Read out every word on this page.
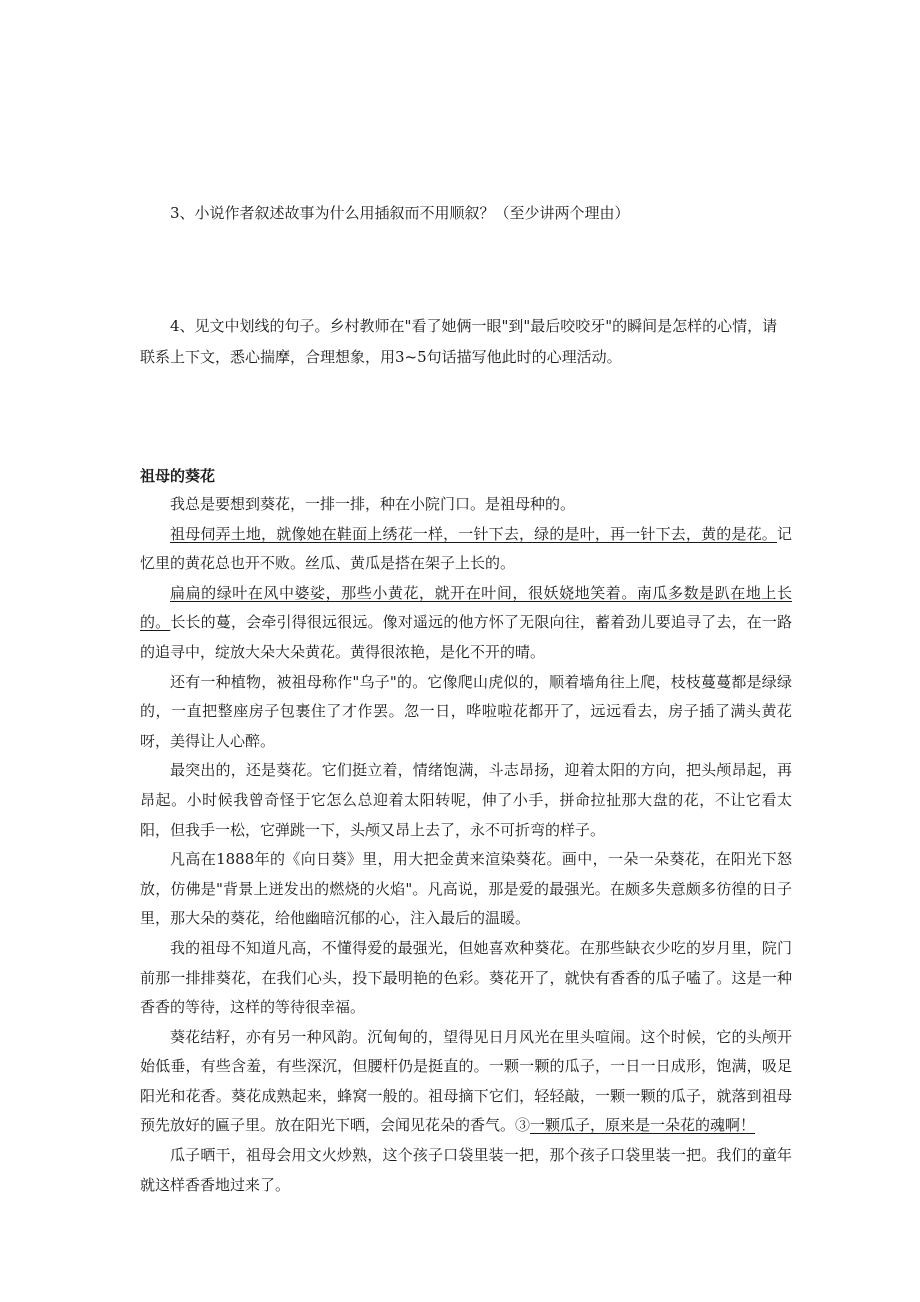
3、小说作者叙述故事为什么用插叙而不用顺叙？（至少讲两个理由）

4、见文中划线的句子。乡村教师在"看了她俩一眼"到"最后咬咬牙"的瞬间是怎样的心情，请联系上下文，悉心揣摩，合理想象，用3~5句话描写他此时的心理活动。

祖母的葵花

我总是要想到葵花，一排一排，种在小院门口。是祖母种的。

祖母伺弄土地，就像她在鞋面上绣花一样，一针下去，绿的是叶，再一针下去，黄的是花。记忆里的黄花总也开不败。丝瓜、黄瓜是搭在架子上长的。

扁扁的绿叶在风中婆娑，那些小黄花，就开在叶间，很妖娆地笑着。南瓜多数是趴在地上长的。长长的蔓，会牵引得很远很远。像对遥远的他方怀了无限向往，蓄着劲儿要追寻了去，在一路的追寻中，绽放大朵大朵黄花。黄得很浓艳，是化不开的晴。

还有一种植物，被祖母称作"乌子"的。它像爬山虎似的，顺着墙角往上爬，枝枝蔓蔓都是绿绿的，一直把整座房子包裹住了才作罢。忽一日，哗啦啦花都开了，远远看去，房子插了满头黄花呀，美得让人心醉。

最突出的，还是葵花。它们挺立着，情绪饱满，斗志昂扬，迎着太阳的方向，把头颅昂起，再昂起。小时候我曾奇怪于它怎么总迎着太阳转呢，伸了小手，拼命拉扯那大盘的花，不让它看太阳，但我手一松，它弹跳一下，头颅又昂上去了，永不可折弯的样子。

凡高在1888年的《向日葵》里，用大把金黄来渲染葵花。画中，一朵一朵葵花，在阳光下怒放，仿佛是"背景上迸发出的燃烧的火焰"。凡高说，那是爱的最强光。在颇多失意颇多彷徨的日子里，那大朵的葵花，给他幽暗沉郁的心，注入最后的温暖。

我的祖母不知道凡高，不懂得爱的最强光，但她喜欢种葵花。在那些缺衣少吃的岁月里，院门前那一排排葵花，在我们心头，投下最明艳的色彩。葵花开了，就快有香香的瓜子嗑了。这是一种香香的等待，这样的等待很幸福。

葵花结籽，亦有另一种风韵。沉甸甸的，望得见日月风光在里头喧闹。这个时候，它的头颅开始低垂，有些含羞，有些深沉，但腰杆仍是挺直的。一颗一颗的瓜子，一日一日成形，饱满，吸足阳光和花香。葵花成熟起来，蜂窝一般的。祖母摘下它们，轻轻敲，一颗一颗的瓜子，就落到祖母预先放好的匾子里。放在阳光下晒，会闻见花朵的香气。③一颗瓜子，原来是一朵花的魂啊！

瓜子晒干，祖母会用文火炒熟，这个孩子口袋里装一把，那个孩子口袋里装一把。我们的童年就这样香香地过来了。
